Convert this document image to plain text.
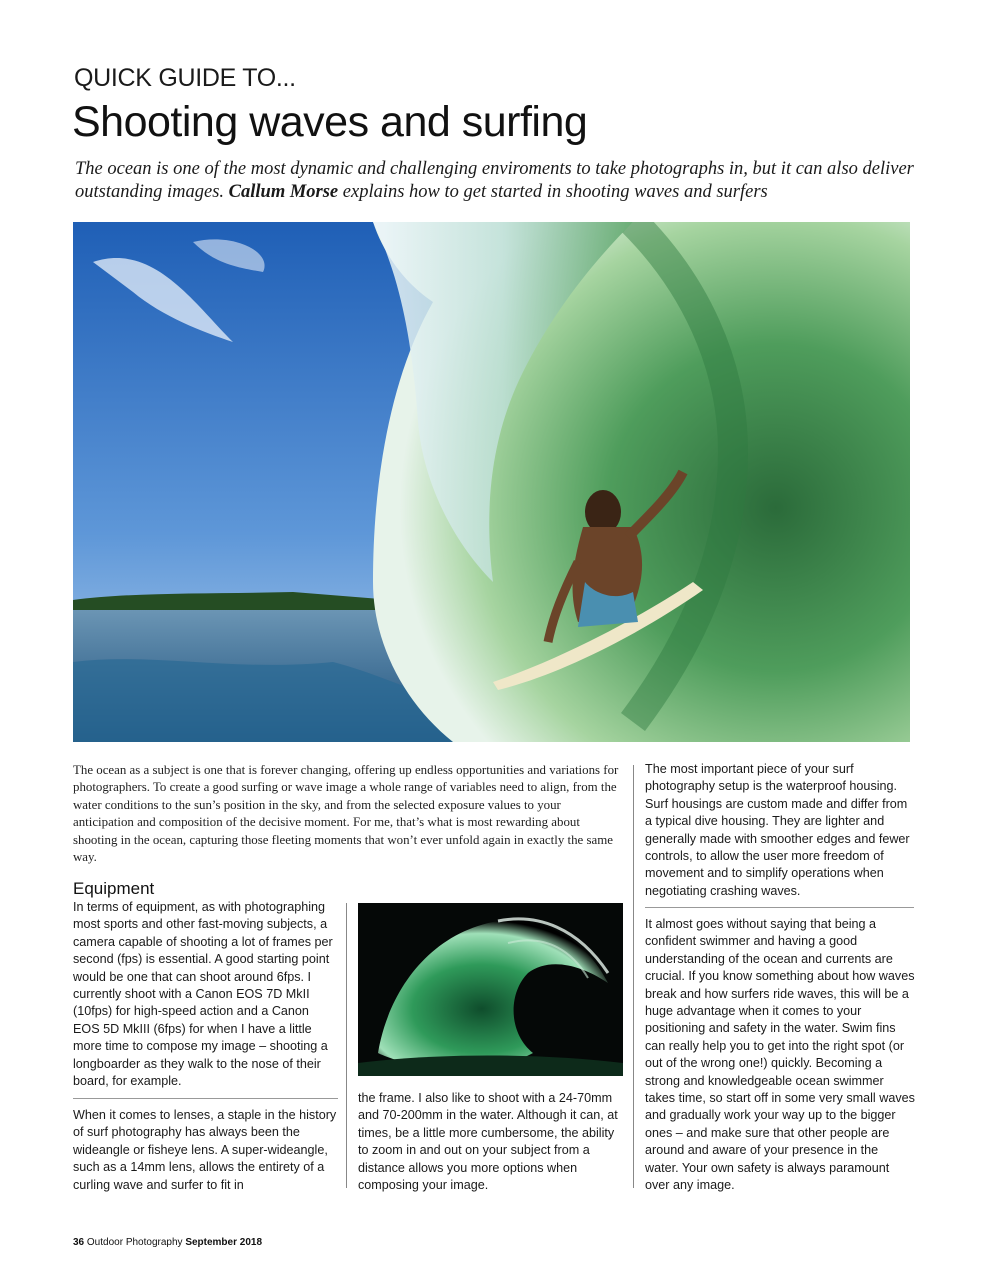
QUICK GUIDE TO...
Shooting waves and surfing
The ocean is one of the most dynamic and challenging enviroments to take photographs in, but it can also deliver outstanding images. Callum Morse explains how to get started in shooting waves and surfers
The ocean as a subject is one that is forever changing, offering up endless opportunities and variations for photographers. To create a good surfing or wave image a whole range of variables need to align, from the water conditions to the sun’s position in the sky, and from the selected exposure values to your anticipation and composition of the decisive moment. For me, that’s what is most rewarding about shooting in the ocean, capturing those fleeting moments that won’t ever unfold again in exactly the same way.
Equipment
In terms of equipment, as with photographing most sports and other fast-moving subjects, a camera capable of shooting a lot of frames per second (fps) is essential. A good starting point would be one that can shoot around 6fps. I currently shoot with a Canon EOS 7D MkII (10fps) for high-speed action and a Canon EOS 5D MkIII (6fps) for when I have a little more time to compose my image – shooting a longboarder as they walk to the nose of their board, for example.
When it comes to lenses, a staple in the history of surf photography has always been the wideangle or fisheye lens. A super-wideangle, such as a 14mm lens, allows the entirety of a curling wave and surfer to fit in
the frame. I also like to shoot with a 24-70mm and 70-200mm in the water. Although it can, at times, be a little more cumbersome, the ability to zoom in and out on your subject from a distance allows you more options when composing your image.
The most important piece of your surf photography setup is the waterproof housing. Surf housings are custom made and differ from a typical dive housing. They are lighter and generally made with smoother edges and fewer controls, to allow the user more freedom of movement and to simplify operations when negotiating crashing waves.
It almost goes without saying that being a confident swimmer and having a good understanding of the ocean and currents are crucial. If you know something about how waves break and how surfers ride waves, this will be a huge advantage when it comes to your positioning and safety in the water. Swim fins can really help you to get into the right spot (or out of the wrong one!) quickly. Becoming a strong and knowledgeable ocean swimmer takes time, so start off in some very small waves and gradually work your way up to the bigger ones – and make sure that other people are around and aware of your presence in the water. Your own safety is always paramount over any image.
36 Outdoor Photography September 2018
